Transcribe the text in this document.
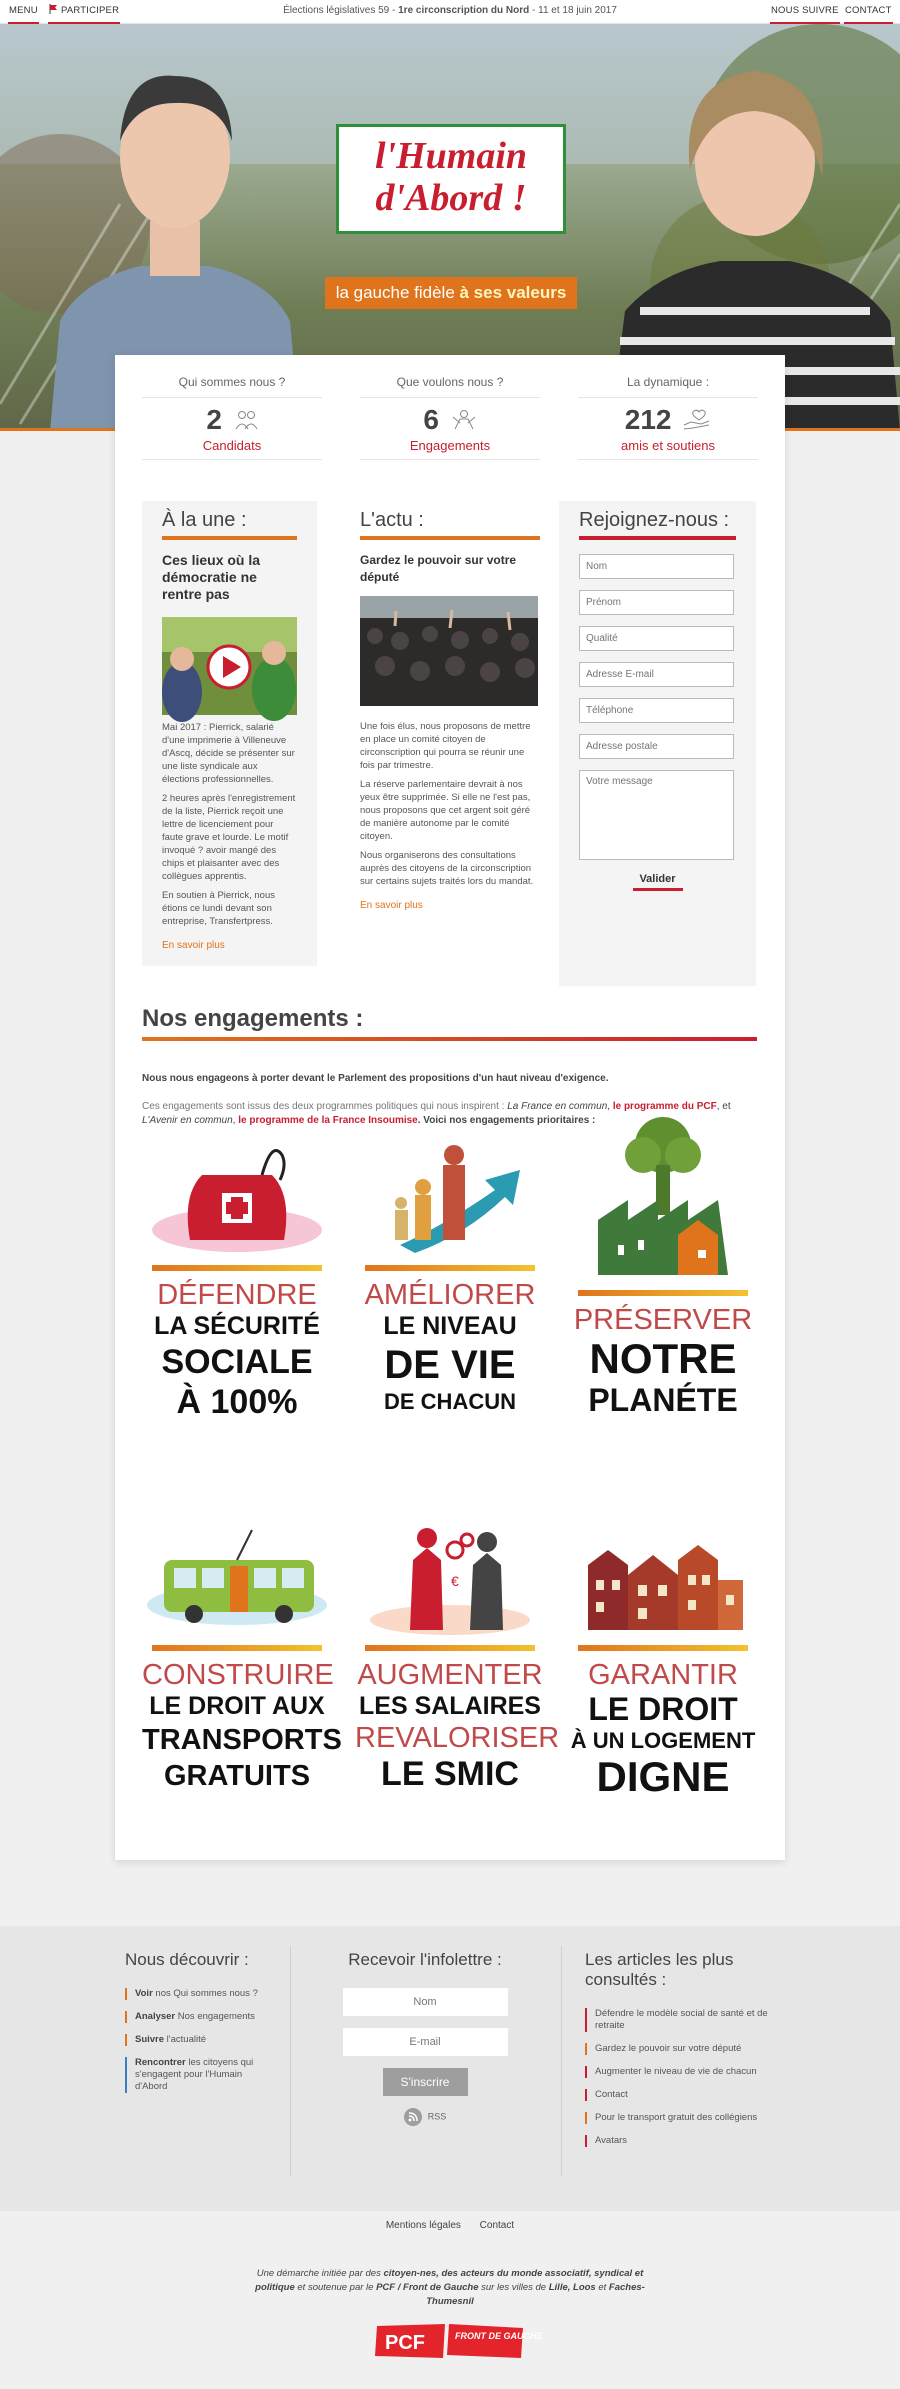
MENU	PARTICIPER	Élections législatives 59 - 1re circonscription du Nord - 11 et 18 juin 2017	NOUS SUIVRE CONTACT
l'Humain
d'Abord !
la gauche fidèle à ses valeurs
Qui sommes nous ?
2
Candidats
Que voulons nous ?
6
Engagements
La dynamique :
212
amis et soutiens
À la une :
Ces lieux où la démocratie ne rentre pas

Mai 2017 : Pierrick, salarié d'une imprimerie à Villeneuve d'Ascq, décide se présenter sur une liste syndicale aux élections professionnelles.

2 heures après l'enregistrement de la liste, Pierrick reçoit une lettre de licenciement pour faute grave et lourde. Le motif invoqué ? avoir mangé des chips et plaisanter avec des collègues apprentis.

En soutien à Pierrick, nous étions ce lundi devant son entreprise, Transfertpress.

En savoir plus
L'actu :
Gardez le pouvoir sur votre député

Une fois élus, nous proposons de mettre en place un comité citoyen de circonscription qui pourra se réunir une fois par trimestre.

La réserve parlementaire devrait à nos yeux être supprimée. Si elle ne l'est pas, nous proposons que cet argent soit géré de manière autonome par le comité citoyen.

Nous organiserons des consultations auprès des citoyens de la circonscription sur certains sujets traités lors du mandat.

En savoir plus
Rejoignez-nous :
Nom
Prénom
Qualité
Adresse E-mail
Téléphone
Adresse postale
Votre message
Valider
Nos engagements :
Nous nous engageons à porter devant le Parlement des propositions d'un haut niveau d'exigence.

Ces engagements sont issus des deux programmes politiques qui nous inspirent : La France en commun, le programme du PCF, et L'Avenir en commun, le programme de la France Insoumise. Voici nos engagements prioritaires :
DÉFENDRE
LA SÉCURITÉ
SOCIALE
À 100%
AMÉLIORER
LE NIVEAU
DE VIE
DE CHACUN
PRÉSERVER
NOTRE
PLANÉTE
CONSTRUIRE
LE DROIT AUX
TRANSPORTS
GRATUITS
€
AUGMENTER
LES SALAIRES
REVALORISER
LE SMIC
GARANTIR
LE DROIT
À UN LOGEMENT
DIGNE
Nous découvrir :
Voir nos Qui sommes nous ?
Analyser Nos engagements
Suivre l'actualité
Rencontrer les citoyens qui s'engagent pour l'Humain d'Abord
Recevoir l'infolettre :
Nom
E-mail
S'inscrire
RSS
Les articles les plus consultés :
Défendre le modèle social de santé et de retraite
Gardez le pouvoir sur votre député
Augmenter le niveau de vie de chacun
Contact
Pour le transport gratuit des collégiens
Avatars
Mentions légales Contact
Une démarche initiée par des citoyen-nes, des acteurs du monde associatif, syndical et politique et soutenue par le PCF / Front de Gauche sur les villes de Lille, Loos et Faches-Thumesnil
PCF	FRONT DE GAUCHE
